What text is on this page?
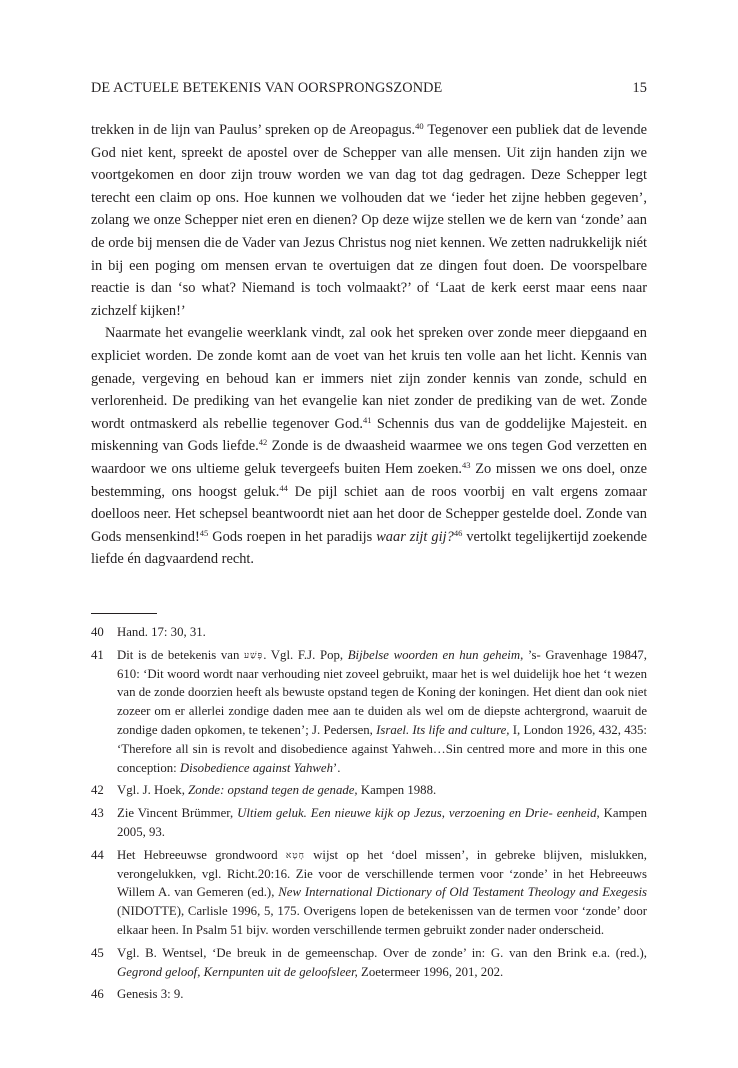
DE ACTUELE BETEKENIS VAN OORSPRONGSZONDE	15

trekken in de lijn van Paulus’ spreken op de Areopagus.$^{40}$ Tegenover een publiek dat de levende God niet kent, spreekt de apostel over de Schepper van alle mensen. Uit zijn handen zijn we voortgekomen en door zijn trouw worden we van dag tot dag gedragen. Deze Schepper legt terecht een claim op ons. Hoe kunnen we volhouden dat we ‘ieder het zijne hebben gegeven’, zolang we onze Schepper niet eren en dienen? Op deze wijze stellen we de kern van ‘zonde’ aan de orde bij mensen die de Vader van Jezus Christus nog niet kennen. We zetten nadrukkelijk niét in bij een poging om mensen ervan te overtuigen dat ze dingen fout doen. De voorspelbare reactie is dan ‘so what? Niemand is toch volmaakt?’ of ‘Laat de kerk eerst maar eens naar zichzelf kijken!’

Naarmate het evangelie weerklank vindt, zal ook het spreken over zonde meer diepgaand en expliciet worden. De zonde komt aan de voet van het kruis ten volle aan het licht. Kennis van genade, vergeving en behoud kan er immers niet zijn zonder kennis van zonde, schuld en verlorenheid. De prediking van het evangelie kan niet zonder de prediking van de wet. Zonde wordt ontmaskerd als rebellie tegenover God.$^{41}$ Schennis dus van de goddelijke Majesteit. en miskenning van Gods liefde.$^{42}$ Zonde is de dwaasheid waarmee we ons tegen God verzetten en waardoor we ons ultieme geluk tevergeefs buiten Hem zoeken.$^{43}$ Zo missen we ons doel, onze bestemming, ons hoogst geluk.$^{44}$ De pijl schiet aan de roos voorbij en valt ergens zomaar doelloos neer. Het schepsel beantwoordt niet aan het door de Schepper gestelde doel. Zonde van Gods mensenkind!$^{45}$ Gods roepen in het paradijs waar zijt gij?$^{46}$ vertolkt tegelijkertijd zoekende liefde én dagvaardend recht.

40 Hand. 17: 30, 31.
41 Dit is de betekenis van פֶּשַׁע. Vgl. F.J. Pop, Bijbelse woorden en hun geheim, ’s- Gravenhage 19847, 610: ‘Dit woord wordt naar verhouding niet zoveel gebruikt, maar het is wel duidelijk hoe het ‘t wezen van de zonde doorzien heeft als bewuste opstand tegen de Koning der koningen. Het dient dan ook niet zozeer om er allerlei zondige daden mee aan te duiden als wel om de diepste achtergrond, waaruit de zondige daden opkomen, te tekenen’; J. Pedersen, Israel. Its life and culture, I, London 1926, 432, 435: ‘Therefore all sin is revolt and disobedience against Yahweh…Sin centred more and more in this one conception: Disobedience against Yahweh’.
42 Vgl. J. Hoek, Zonde: opstand tegen de genade, Kampen 1988.
43 Zie Vincent Brümmer, Ultiem geluk. Een nieuwe kijk op Jezus, verzoening en Drie- eenheid, Kampen 2005, 93.
44 Het Hebreeuwse grondwoord חָטָא wijst op het ‘doel missen’, in gebreke blijven, mislukken, verongelukken, vgl. Richt.20:16. Zie voor de verschillende termen voor ‘zonde’ in het Hebreeuws Willem A. van Gemeren (ed.), New International Dictionary of Old Testament Theology and Exegesis (NIDOTTE), Carlisle 1996, 5, 175. Overigens lopen de betekenissen van de termen voor ‘zonde’ door elkaar heen. In Psalm 51 bijv. worden verschillende termen gebruikt zonder nader onderscheid.
45 Vgl. B. Wentsel, ‘De breuk in de gemeenschap. Over de zonde’ in: G. van den Brink e.a. (red.), Gegrond geloof, Kernpunten uit de geloofsleer, Zoetermeer 1996, 201, 202.
46 Genesis 3: 9.
